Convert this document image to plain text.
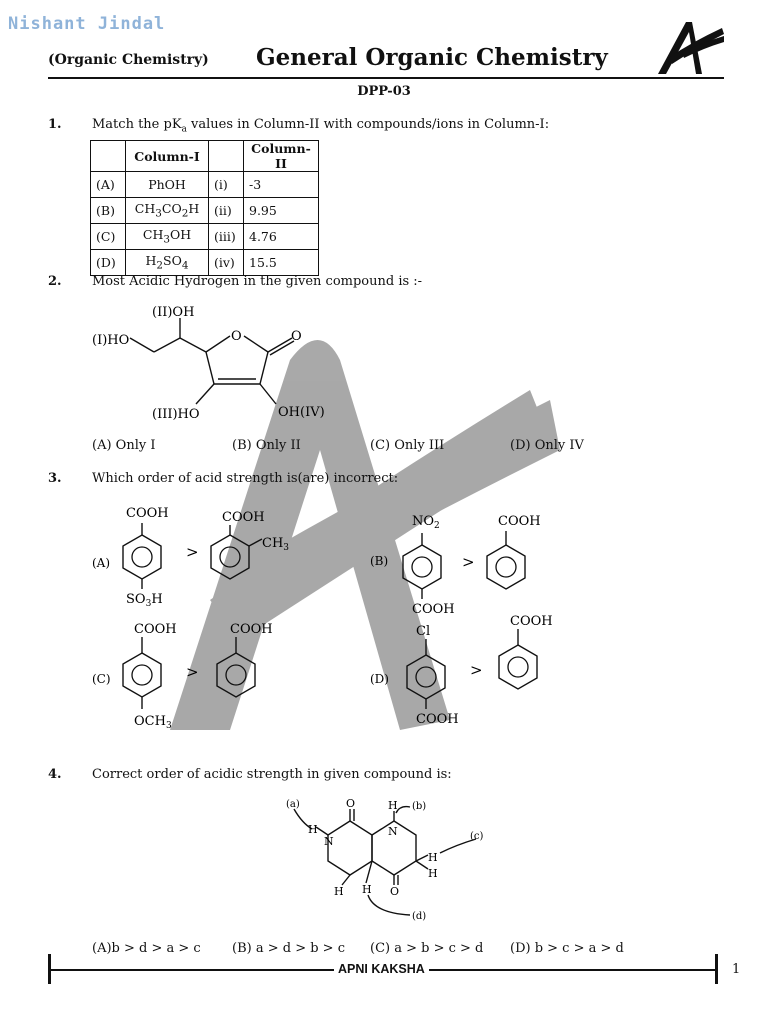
Nishant Jindal
(Organic Chemistry) General Organic Chemistry
DPP-03
1. Match the $pK_a$ values in Column-II with compounds/ions in Column-I:
	Column-I		Column-II
(A)	PhOH	(i)	-3
(B)	$CH_3CO_2H$	(ii)	9.95
(C)	$CH_3OH$	(iii)	4.76
(D)	$H_2SO_4$	(iv)	15.5
2. Most Acidic Hydrogen in the given compound is :-
(I)HO
(II)OH
O	O
(III)HO	OH(IV)
(A) Only I	(B) Only II	(C) Only III	(D) Only IV
3. Which order of acid strength is(are) incorrect:
(A)
COOH
$SO_3H$
>
COOH
$CH_3$
(B)
$NO_2$
COOH
>
COOH
(C)
COOH
$OCH_3$
>
COOH
(D)
Cl
COOH
>
COOH
4. Correct order of acidic strength in given compound is:
O	H
N
N
H
H
H
O
H H
(a)	(b)
(c)
(d)
(A)b > d > a > c (B) a > d > b > c (C) a > b > c > d (D) b > c > a > d
APNI KAKSHA	1
